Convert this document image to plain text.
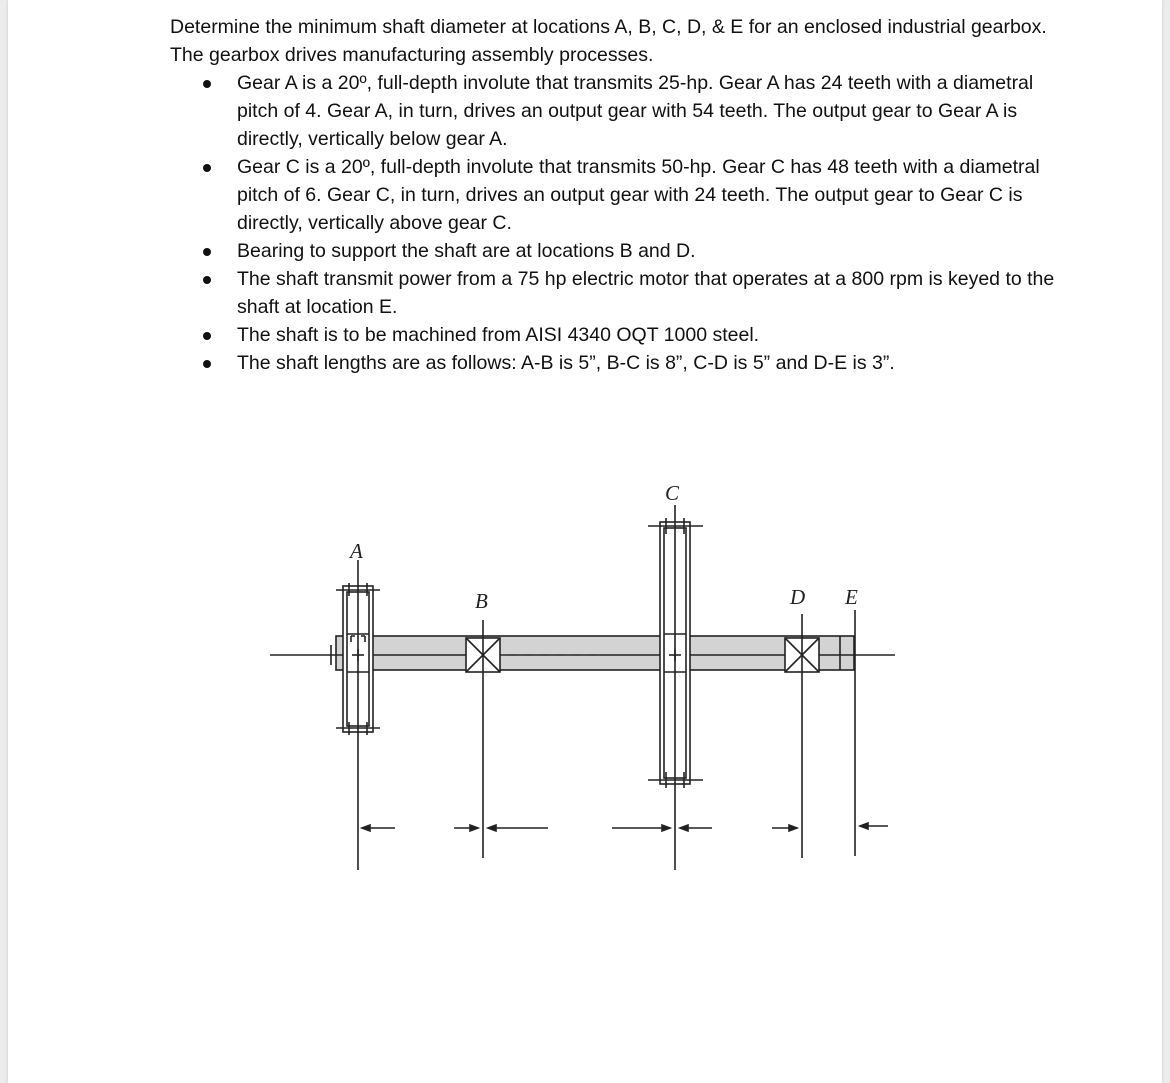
Determine the minimum shaft diameter at locations A, B, C, D, & E for an enclosed industrial gearbox. The gearbox drives manufacturing assembly processes.

Gear A is a 20º, full-depth involute that transmits 25-hp. Gear A has 24 teeth with a diametral pitch of 4. Gear A, in turn, drives an output gear with 54 teeth. The output gear to Gear A is directly, vertically below gear A.
Gear C is a 20º, full-depth involute that transmits 50-hp. Gear C has 48 teeth with a diametral pitch of 6. Gear C, in turn, drives an output gear with 24 teeth. The output gear to Gear C is directly, vertically above gear C.
Bearing to support the shaft are at locations B and D.
The shaft transmit power from a 75 hp electric motor that operates at a 800 rpm is keyed to the shaft at location E.
The shaft is to be machined from AISI 4340 OQT 1000 steel.
The shaft lengths are as follows: A-B is 5”, B-C is 8”, C-D is 5” and D-E is 3”.
A
B
C
D E
